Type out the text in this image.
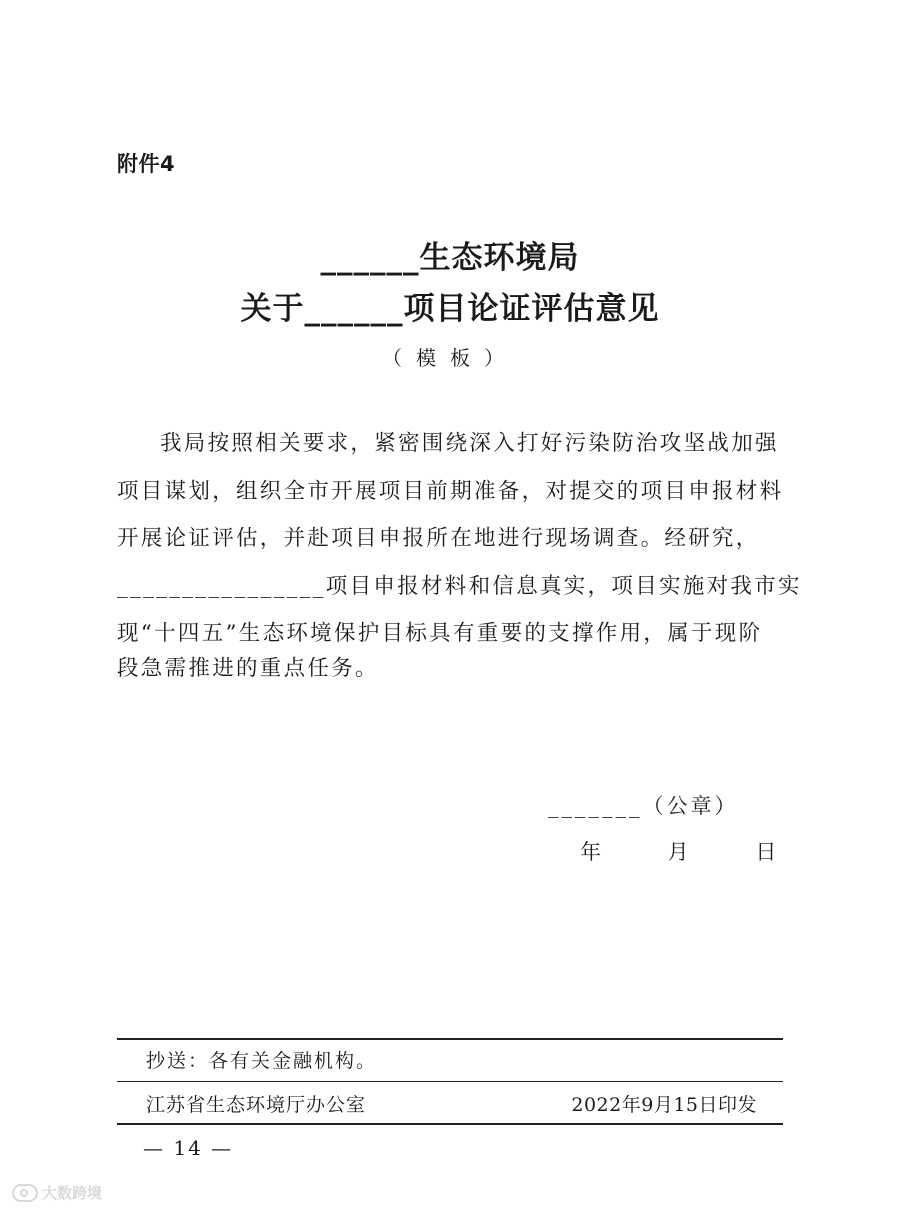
附件4
______生态环境局
关于______项目论证评估意见
（模板）
我局按照相关要求，紧密围绕深入打好污染防治攻坚战加强
项目谋划，组织全市开展项目前期准备，对提交的项目申报材料
开展论证评估，并赴项目申报所在地进行现场调查。经研究，
________________项目申报材料和信息真实，项目实施对我市实
现“十四五”生态环境保护目标具有重要的支撑作用，属于现阶
段急需推进的重点任务。
_______（公章）
年 月 日
抄送：各有关金融机构。
江苏省生态环境厅办公室	2022年9月15日印发
— 14 —
大数跨境
